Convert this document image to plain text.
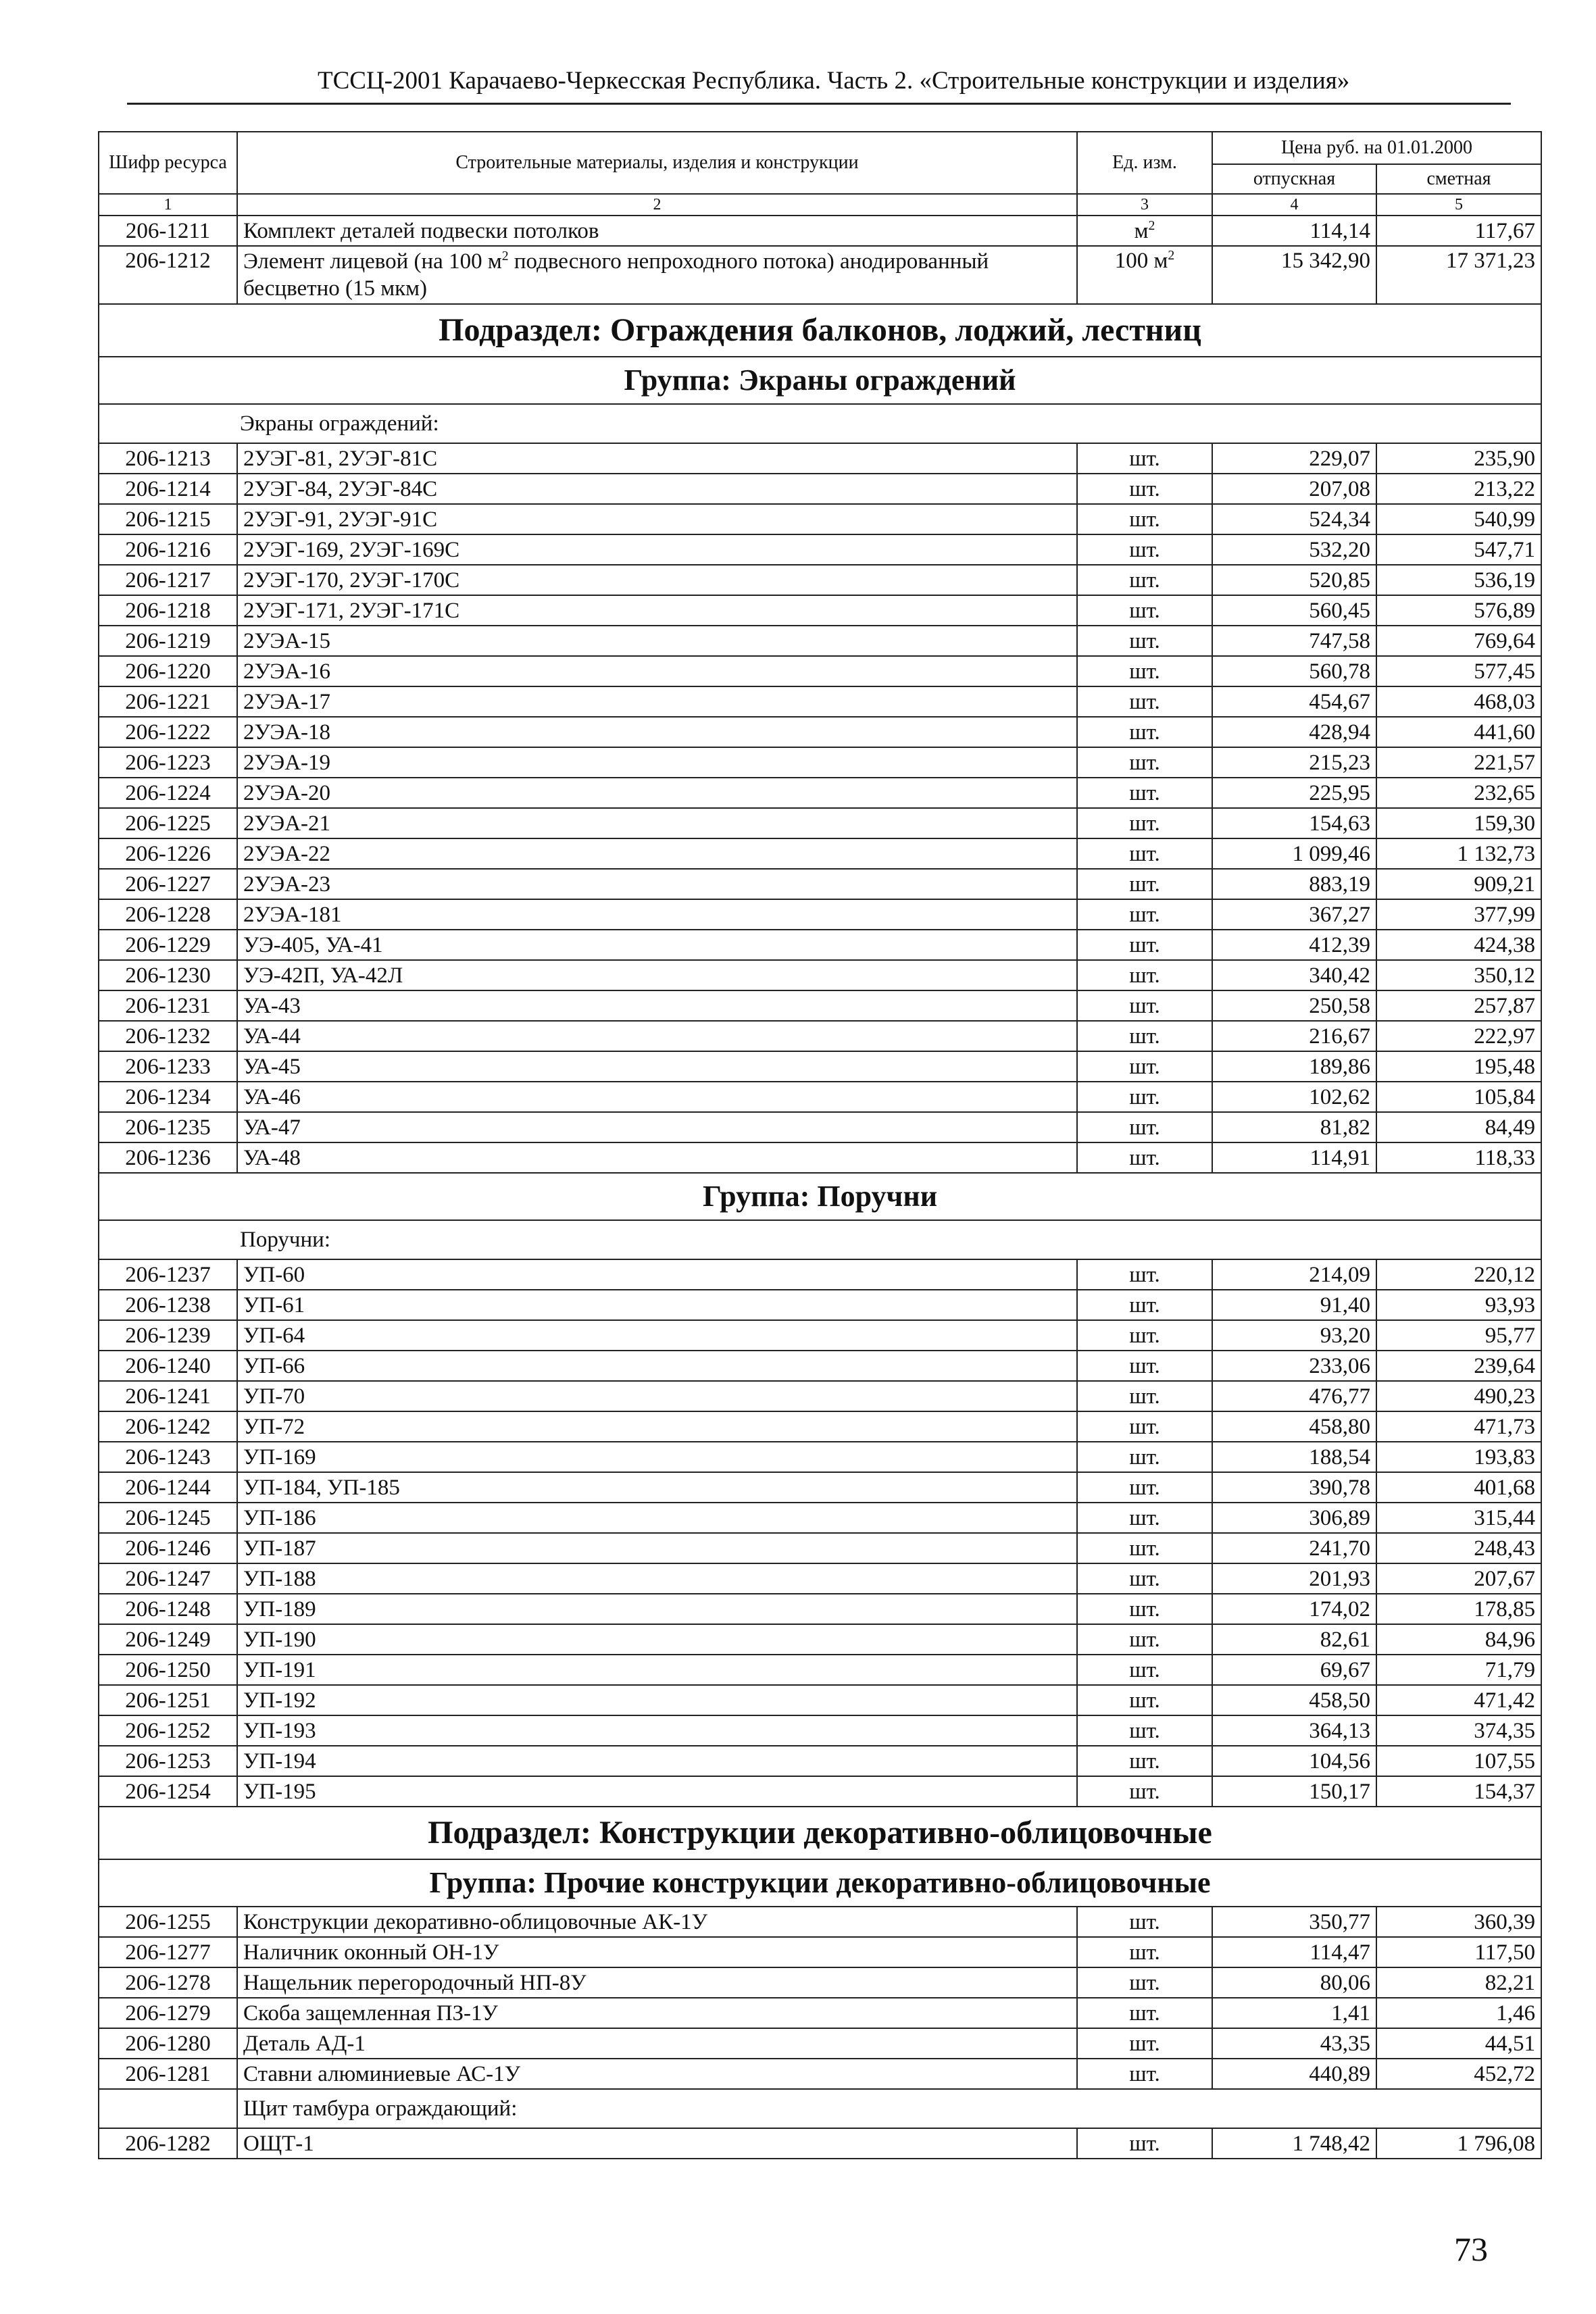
ТССЦ-2001 Карачаево-Черкесская Республика. Часть 2. «Строительные конструкции и изделия»
Шифр ресурса	Строительные материалы, изделия и конструкции	Ед. изм.	Цена руб. на 01.01.2000	
			отпускная	сметная
1	2	3	4	5
206-1211	Комплект деталей подвески потолков	$м^2$	114,14	117,67
206-1212	Элемент лицевой (на 100 $м^2$ подвесного непроходного потока) анодированный бесцветно (15 мкм)	100 $м^2$	15 342,90	17 371,23
Подраздел: Ограждения балконов, лоджий, лестниц				
Группа: Экраны ограждений				
Экраны ограждений:				
206-1213	2УЭГ-81, 2УЭГ-81С	шт.	229,07	235,90
206-1214	2УЭГ-84, 2УЭГ-84С	шт.	207,08	213,22
206-1215	2УЭГ-91, 2УЭГ-91С	шт.	524,34	540,99
206-1216	2УЭГ-169, 2УЭГ-169С	шт.	532,20	547,71
206-1217	2УЭГ-170, 2УЭГ-170С	шт.	520,85	536,19
206-1218	2УЭГ-171, 2УЭГ-171С	шт.	560,45	576,89
206-1219	2УЭА-15	шт.	747,58	769,64
206-1220	2УЭА-16	шт.	560,78	577,45
206-1221	2УЭА-17	шт.	454,67	468,03
206-1222	2УЭА-18	шт.	428,94	441,60
206-1223	2УЭА-19	шт.	215,23	221,57
206-1224	2УЭА-20	шт.	225,95	232,65
206-1225	2УЭА-21	шт.	154,63	159,30
206-1226	2УЭА-22	шт.	1 099,46	1 132,73
206-1227	2УЭА-23	шт.	883,19	909,21
206-1228	2УЭА-181	шт.	367,27	377,99
206-1229	УЭ-405, УА-41	шт.	412,39	424,38
206-1230	УЭ-42П, УА-42Л	шт.	340,42	350,12
206-1231	УА-43	шт.	250,58	257,87
206-1232	УА-44	шт.	216,67	222,97
206-1233	УА-45	шт.	189,86	195,48
206-1234	УА-46	шт.	102,62	105,84
206-1235	УА-47	шт.	81,82	84,49
206-1236	УА-48	шт.	114,91	118,33
Группа: Поручни				
Поручни:				
206-1237	УП-60	шт.	214,09	220,12
206-1238	УП-61	шт.	91,40	93,93
206-1239	УП-64	шт.	93,20	95,77
206-1240	УП-66	шт.	233,06	239,64
206-1241	УП-70	шт.	476,77	490,23
206-1242	УП-72	шт.	458,80	471,73
206-1243	УП-169	шт.	188,54	193,83
206-1244	УП-184, УП-185	шт.	390,78	401,68
206-1245	УП-186	шт.	306,89	315,44
206-1246	УП-187	шт.	241,70	248,43
206-1247	УП-188	шт.	201,93	207,67
206-1248	УП-189	шт.	174,02	178,85
206-1249	УП-190	шт.	82,61	84,96
206-1250	УП-191	шт.	69,67	71,79
206-1251	УП-192	шт.	458,50	471,42
206-1252	УП-193	шт.	364,13	374,35
206-1253	УП-194	шт.	104,56	107,55
206-1254	УП-195	шт.	150,17	154,37
Подраздел: Конструкции декоративно-облицовочные				
Группа: Прочие конструкции декоративно-облицовочные				
206-1255	Конструкции декоративно-облицовочные АК-1У	шт.	350,77	360,39
206-1277	Наличник оконный ОН-1У	шт.	114,47	117,50
206-1278	Нащельник перегородочный НП-8У	шт.	80,06	82,21
206-1279	Скоба защемленная ПЗ-1У	шт.	1,41	1,46
206-1280	Деталь АД-1	шт.	43,35	44,51
206-1281	Ставни алюминиевые АС-1У	шт.	440,89	452,72
	Щит тамбура ограждающий:			
206-1282	ОЩТ-1	шт.	1 748,42	1 796,08
73
